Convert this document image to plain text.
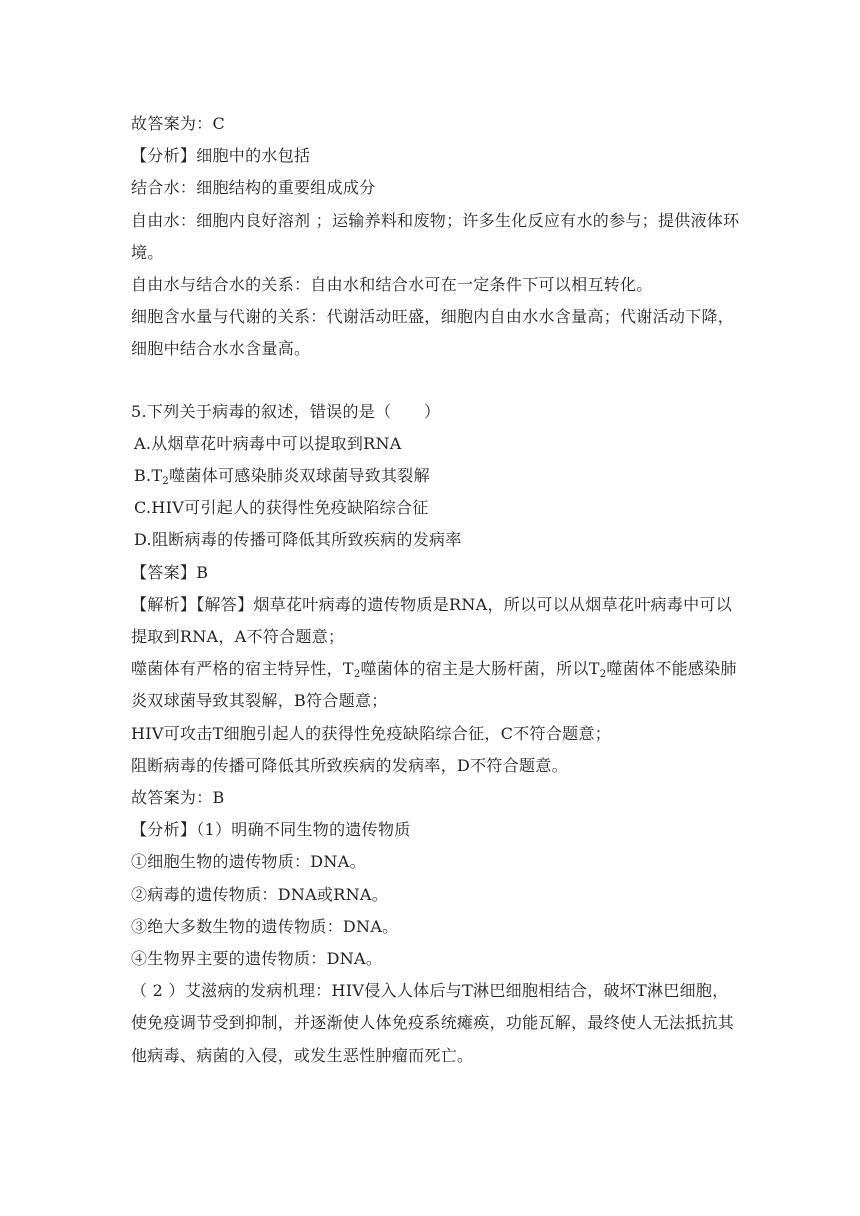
故答案为：C

【分析】细胞中的水包括

结合水：细胞结构的重要组成成分

自由水：细胞内良好溶剂 ；运输养料和废物；许多生化反应有水的参与；提供液体环境。

自由水与结合水的关系：自由水和结合水可在一定条件下可以相互转化。

细胞含水量与代谢的关系：代谢活动旺盛，细胞内自由水水含量高；代谢活动下降，细胞中结合水水含量高。

5.下列关于病毒的叙述，错误的是（　　）

A.从烟草花叶病毒中可以提取到RNA

$B.T_2$噬菌体可感染肺炎双球菌导致其裂解

C.HIV可引起人的获得性免疫缺陷综合征

D.阻断病毒的传播可降低其所致疾病的发病率

【答案】B

【解析】【解答】烟草花叶病毒的遗传物质是RNA，所以可以从烟草花叶病毒中可以提取到RNA，A不符合题意；

噬菌体有严格的宿主特异性，$T_2$噬菌体的宿主是大肠杆菌，所以$T_2$噬菌体不能感染肺炎双球菌导致其裂解，B符合题意；

HIV可攻击T细胞引起人的获得性免疫缺陷综合征，C不符合题意；

阻断病毒的传播可降低其所致疾病的发病率，D不符合题意。

故答案为：B

【分析】（1）明确不同生物的遗传物质

①细胞生物的遗传物质：DNA。

②病毒的遗传物质：DNA或RNA。

③绝大多数生物的遗传物质：DNA。

④生物界主要的遗传物质：DNA。

（ 2 ）艾滋病的发病机理：HIV侵入人体后与T淋巴细胞相结合，破坏T淋巴细胞，使免疫调节受到抑制，并逐渐使人体免疫系统瘫痪，功能瓦解，最终使人无法抵抗其他病毒、病菌的入侵，或发生恶性肿瘤而死亡。
